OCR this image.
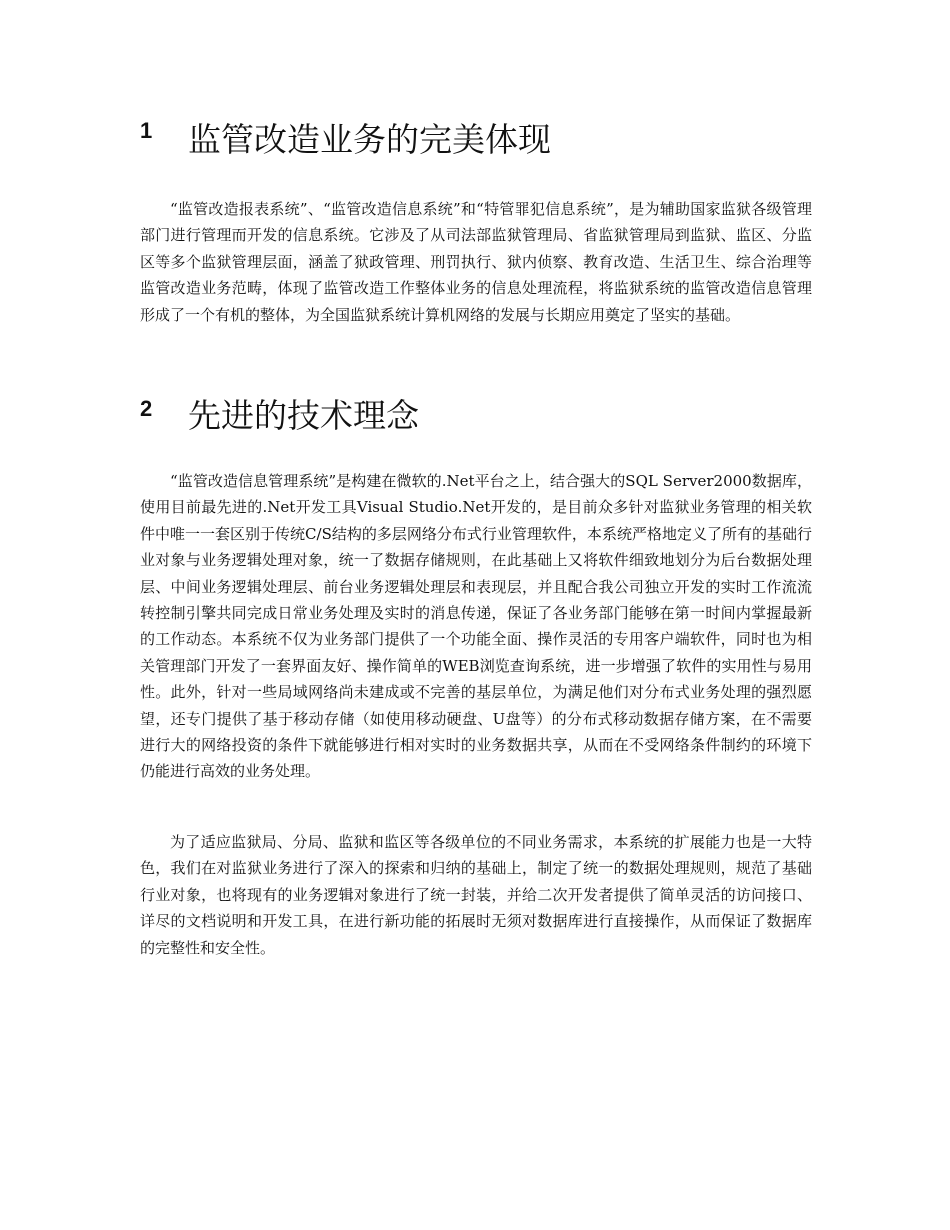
1 监管改造业务的完美体现

“监管改造报表系统”、“监管改造信息系统”和“特管罪犯信息系统”，是为辅助国家监狱各级管理部门进行管理而开发的信息系统。它涉及了从司法部监狱管理局、省监狱管理局到监狱、监区、分监区等多个监狱管理层面，涵盖了狱政管理、刑罚执行、狱内侦察、教育改造、生活卫生、综合治理等监管改造业务范畴，体现了监管改造工作整体业务的信息处理流程，将监狱系统的监管改造信息管理形成了一个有机的整体，为全国监狱系统计算机网络的发展与长期应用奠定了坚实的基础。

2 先进的技术理念

“监管改造信息管理系统”是构建在微软的.Net平台之上，结合强大的SQL Server2000数据库，使用目前最先进的.Net开发工具Visual Studio.Net开发的，是目前众多针对监狱业务管理的相关软件中唯一一套区别于传统C/S结构的多层网络分布式行业管理软件，本系统严格地定义了所有的基础行业对象与业务逻辑处理对象，统一了数据存储规则，在此基础上又将软件细致地划分为后台数据处理层、中间业务逻辑处理层、前台业务逻辑处理层和表现层，并且配合我公司独立开发的实时工作流流转控制引擎共同完成日常业务处理及实时的消息传递，保证了各业务部门能够在第一时间内掌握最新的工作动态。本系统不仅为业务部门提供了一个功能全面、操作灵活的专用客户端软件，同时也为相关管理部门开发了一套界面友好、操作简单的WEB浏览查询系统，进一步增强了软件的实用性与易用性。此外，针对一些局域网络尚未建成或不完善的基层单位，为满足他们对分布式业务处理的强烈愿望，还专门提供了基于移动存储（如使用移动硬盘、U盘等）的分布式移动数据存储方案，在不需要进行大的网络投资的条件下就能够进行相对实时的业务数据共享，从而在不受网络条件制约的环境下仍能进行高效的业务处理。

为了适应监狱局、分局、监狱和监区等各级单位的不同业务需求，本系统的扩展能力也是一大特色，我们在对监狱业务进行了深入的探索和归纳的基础上，制定了统一的数据处理规则，规范了基础行业对象，也将现有的业务逻辑对象进行了统一封装，并给二次开发者提供了简单灵活的访问接口、详尽的文档说明和开发工具，在进行新功能的拓展时无须对数据库进行直接操作，从而保证了数据库的完整性和安全性。
